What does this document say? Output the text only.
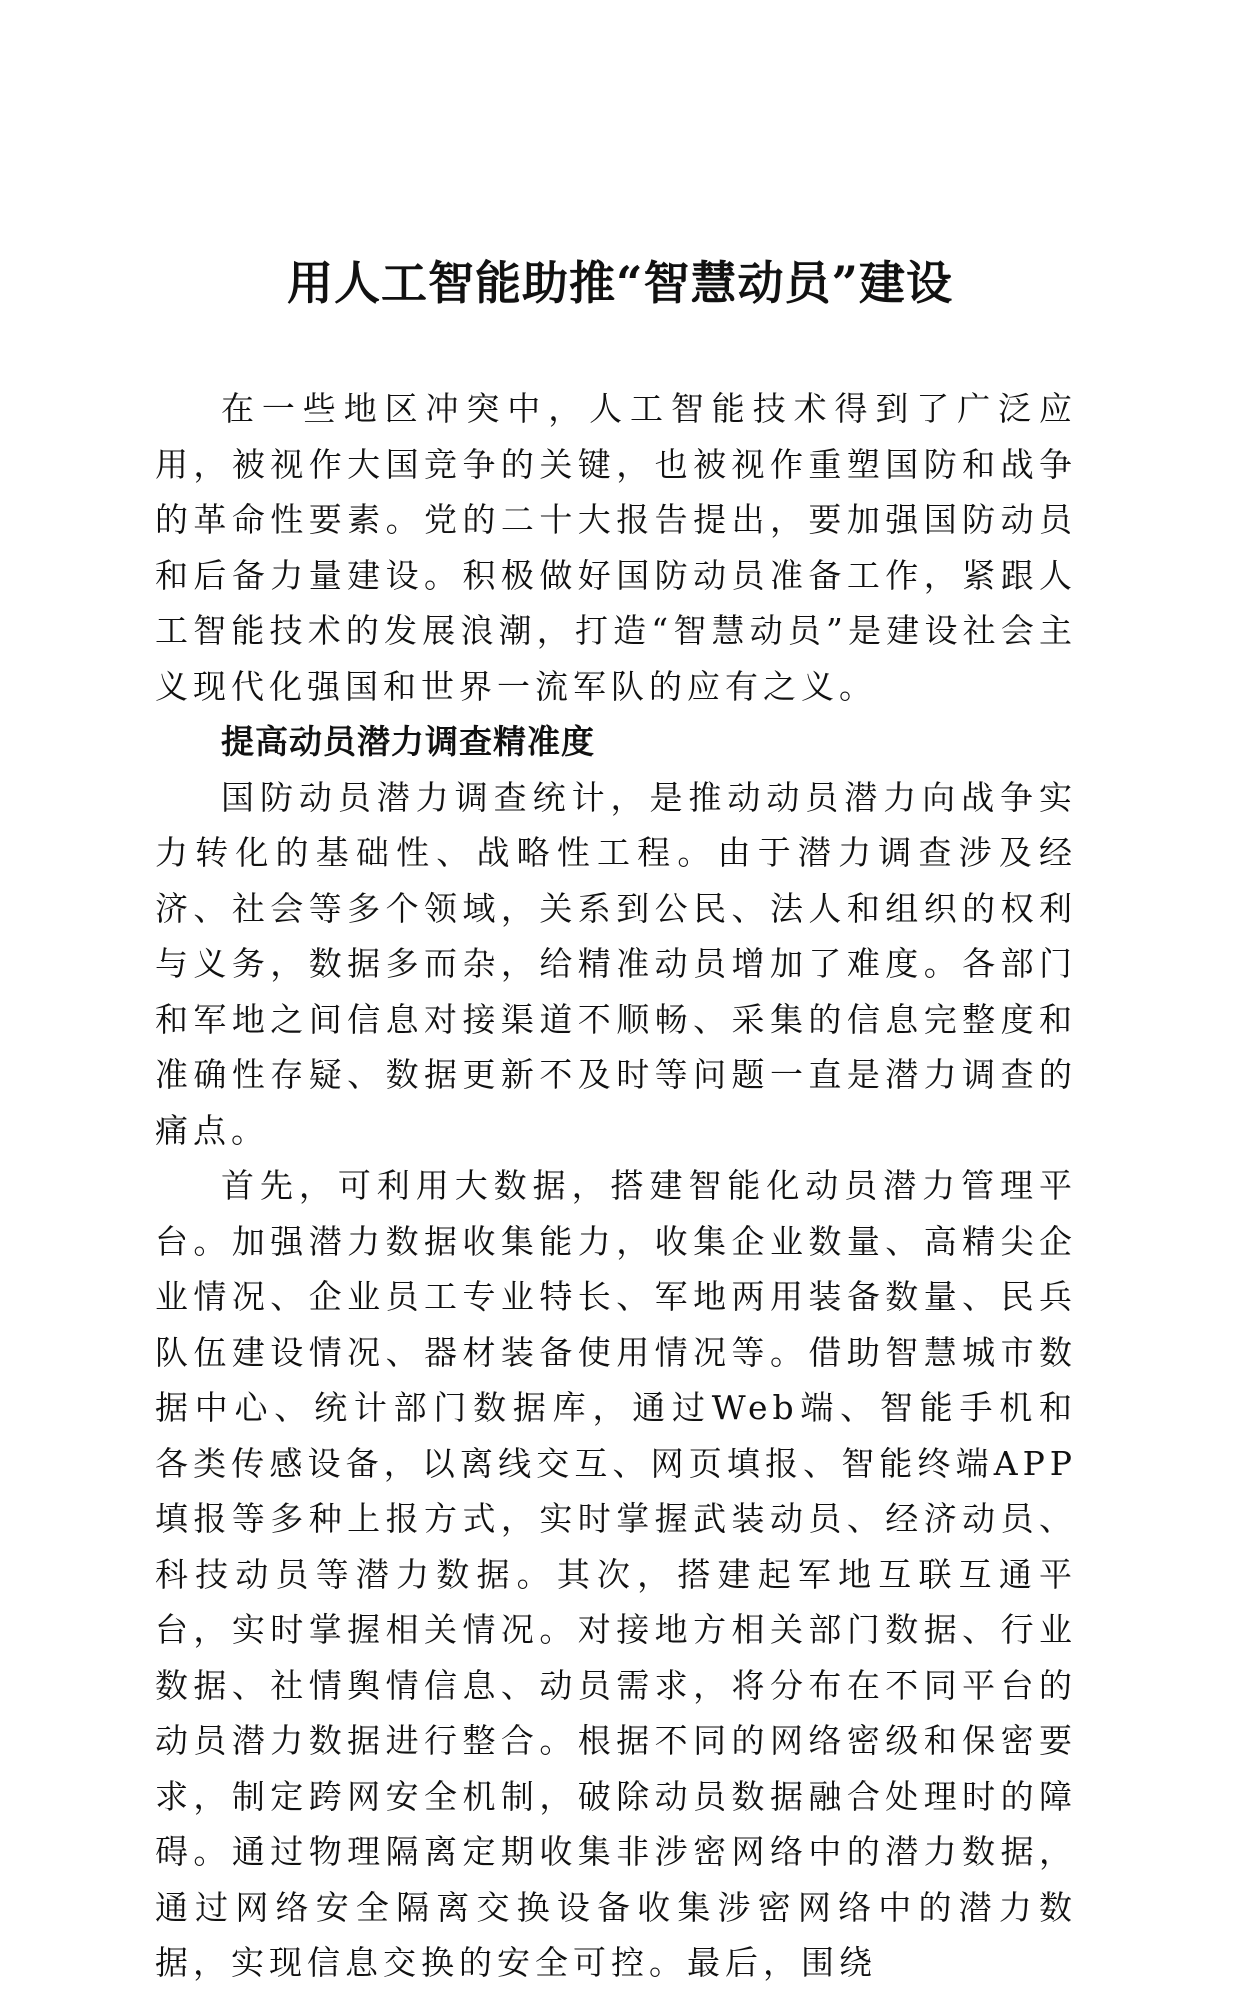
用人工智能助推“智慧动员”建设

在一些地区冲突中，人工智能技术得到了广泛应用，被视作大国竞争的关键，也被视作重塑国防和战争的革命性要素。党的二十大报告提出，要加强国防动员和后备力量建设。积极做好国防动员准备工作，紧跟人工智能技术的发展浪潮，打造“智慧动员”是建设社会主义现代化强国和世界一流军队的应有之义。

提高动员潜力调查精准度

国防动员潜力调查统计，是推动动员潜力向战争实力转化的基础性、战略性工程。由于潜力调查涉及经济、社会等多个领域，关系到公民、法人和组织的权利与义务，数据多而杂，给精准动员增加了难度。各部门和军地之间信息对接渠道不顺畅、采集的信息完整度和准确性存疑、数据更新不及时等问题一直是潜力调查的痛点。

首先，可利用大数据，搭建智能化动员潜力管理平台。加强潜力数据收集能力，收集企业数量、高精尖企业情况、企业员工专业特长、军地两用装备数量、民兵队伍建设情况、器材装备使用情况等。借助智慧城市数据中心、统计部门数据库，通过Web端、智能手机和各类传感设备，以离线交互、网页填报、智能终端APP填报等多种上报方式，实时掌握武装动员、经济动员、科技动员等潜力数据。其次，搭建起军地互联互通平台，实时掌握相关情况。对接地方相关部门数据、行业数据、社情舆情信息、动员需求，将分布在不同平台的动员潜力数据进行整合。根据不同的网络密级和保密要求，制定跨网安全机制，破除动员数据融合处理时的障碍。通过物理隔离定期收集非涉密网络中的潜力数据，通过网络安全隔离交换设备收集涉密网络中的潜力数据，实现信息交换的安全可控。最后，围绕
